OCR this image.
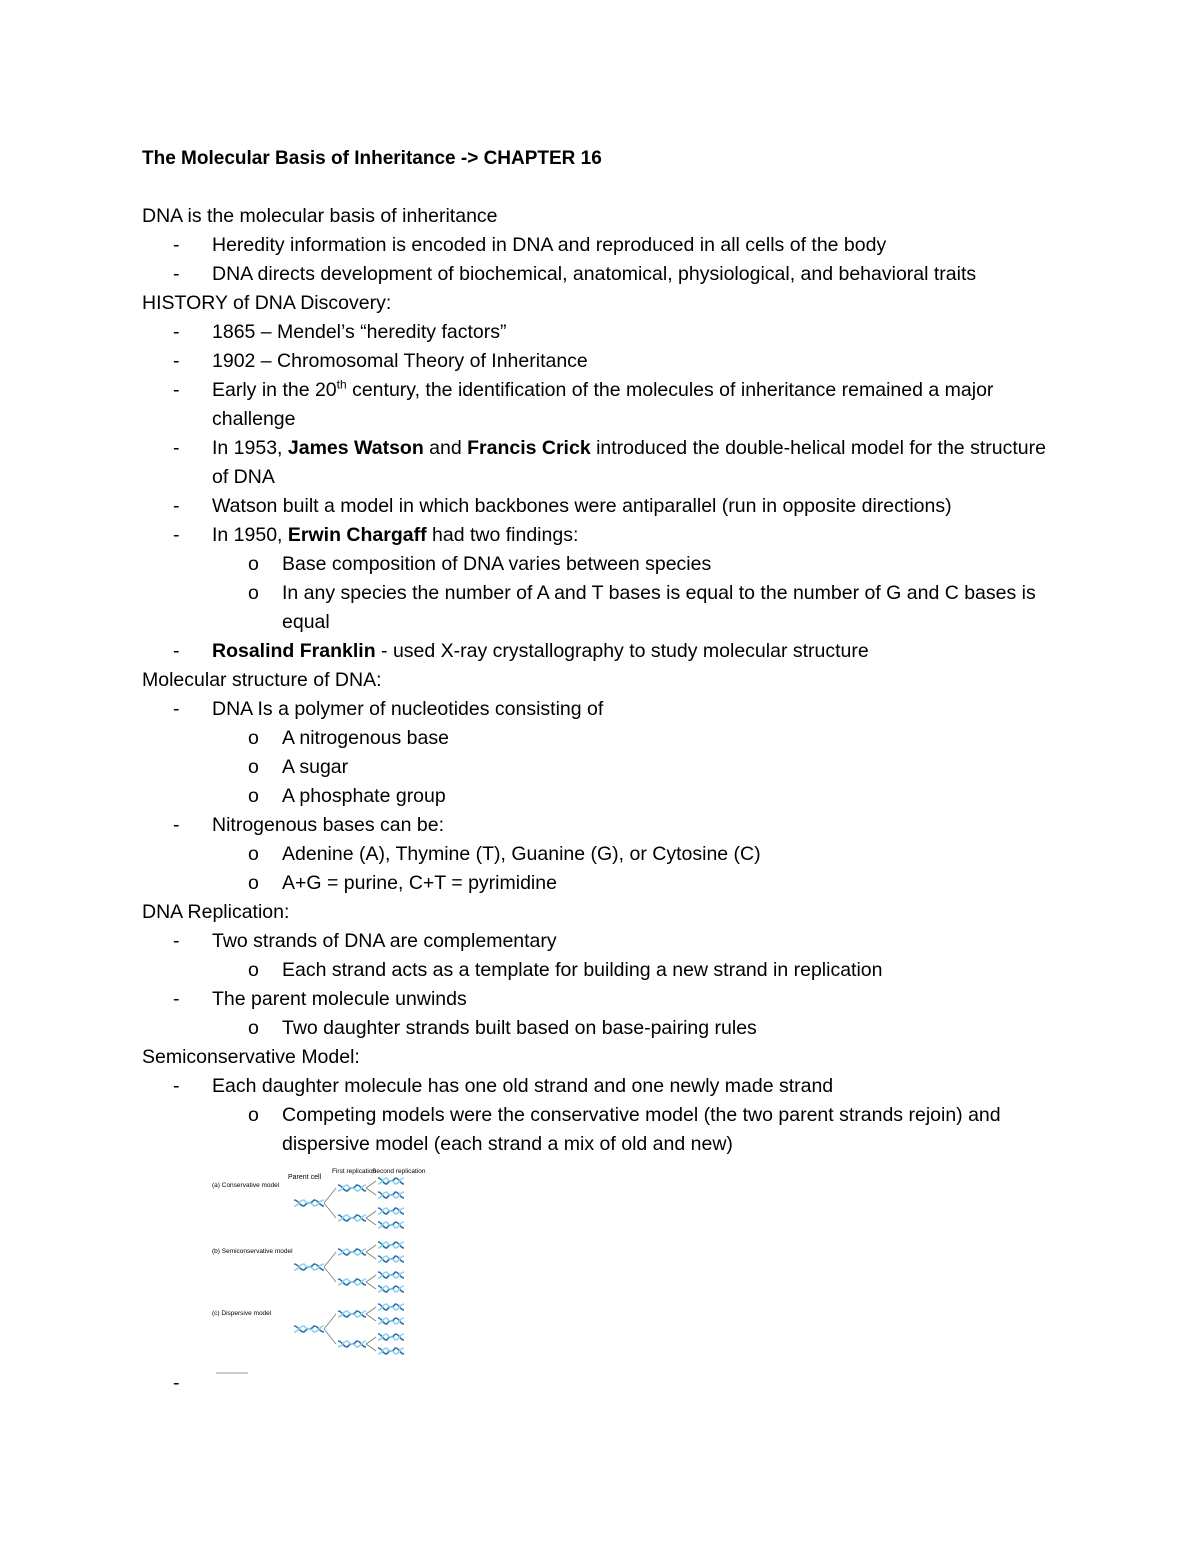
The Molecular Basis of Inheritance -> CHAPTER 16
DNA is the molecular basis of inheritance
-	Heredity information is encoded in DNA and reproduced in all cells of the body
-	DNA directs development of biochemical, anatomical, physiological, and behavioral traits
HISTORY of DNA Discovery:
-	1865 – Mendel’s “heredity factors”
-	1902 – Chromosomal Theory of Inheritance
-	Early in the 20th century, the identification of the molecules of inheritance remained a major challenge
-	In 1953, James Watson and Francis Crick introduced the double-helical model for the structure of DNA
-	Watson built a model in which backbones were antiparallel (run in opposite directions)
-	In 1950, Erwin Chargaff had two findings:
o	Base composition of DNA varies between species
o	In any species the number of A and T bases is equal to the number of G and C bases is equal
-	Rosalind Franklin - used X-ray crystallography to study molecular structure
Molecular structure of DNA:
-	DNA Is a polymer of nucleotides consisting of
o	A nitrogenous base
o	A sugar
o	A phosphate group
-	Nitrogenous bases can be:
o	Adenine (A), Thymine (T), Guanine (G), or Cytosine (C)
o	A+G = purine, C+T = pyrimidine
DNA Replication:
-	Two strands of DNA are complementary
o	Each strand acts as a template for building a new strand in replication
-	The parent molecule unwinds
o	Two daughter strands built based on base-pairing rules
Semiconservative Model:
-	Each daughter molecule has one old strand and one newly made strand
o	Competing models were the conservative model (the two parent strands rejoin) and dispersive model (each strand a mix of old and new)
Parent cell
First replication
Second replication
(a) Conservative model
(b) Semiconservative model
(c) Dispersive model
-
